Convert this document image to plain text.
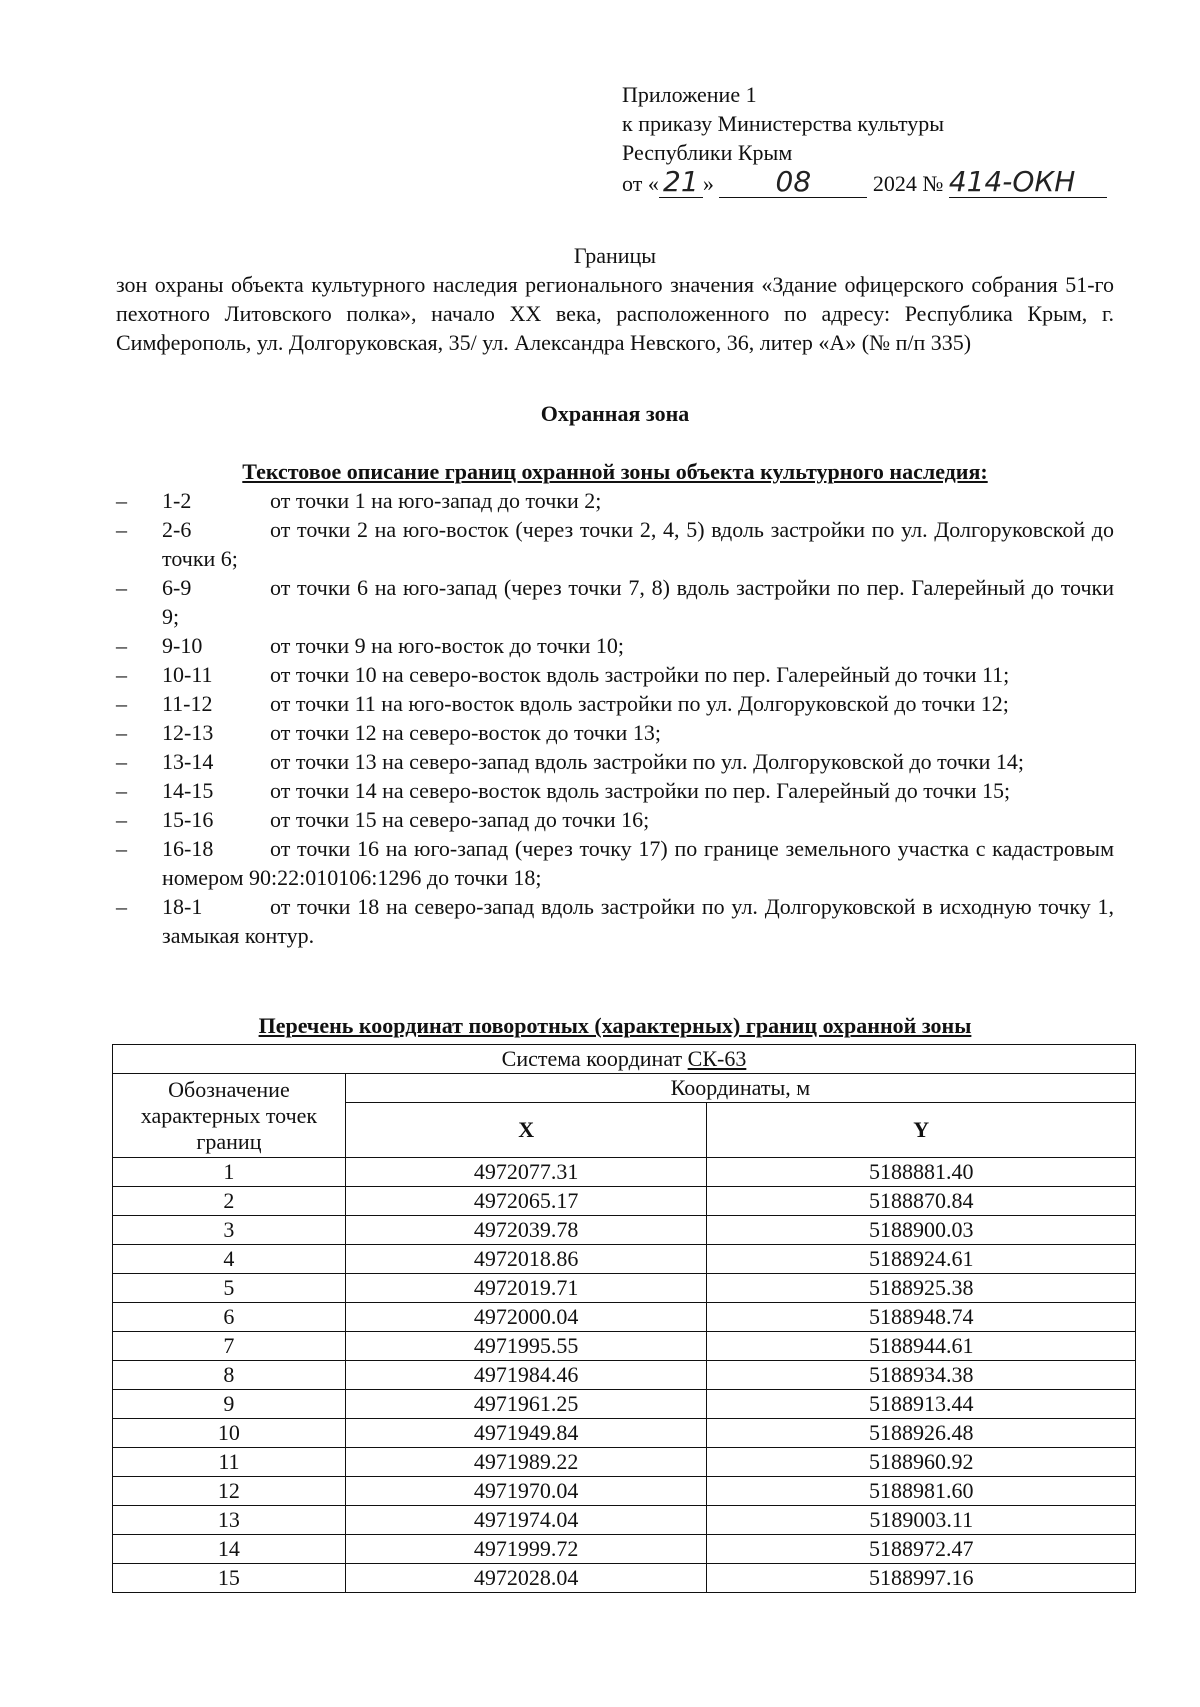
Приложение 1
к приказу Министерства культуры
Республики Крым
от « 21 » 08	2024 № 414-ОКН
Границы

зон охраны объекта культурного наследия регионального значения «Здание офицерского собрания 51-го пехотного Литовского полка», начало XX века, расположенного по адресу: Республика Крым, г. Симферополь, ул. Долгоруковская, 35/ ул. Александра Невского, 36, литер «А» (№ п/п 335)

Охранная зона
Текстовое описание границ охранной зоны объекта культурного наследия:
– 1-2	от точки 1 на юго-запад до точки 2;
– 2-6	от точки 2 на юго-восток (через точки 2, 4, 5) вдоль застройки по ул. Долгоруковской до точки 6;
– 6-9	от точки 6 на юго-запад (через точки 7, 8) вдоль застройки по пер. Галерейный до точки 9;
– 9-10	от точки 9 на юго-восток до точки 10;
– 10-11	от точки 10 на северо-восток вдоль застройки по пер. Галерейный до точки 11;
– 11-12	от точки 11 на юго-восток вдоль застройки по ул. Долгоруковской до точки 12;
– 12-13	от точки 12 на северо-восток до точки 13;
– 13-14	от точки 13 на северо-запад вдоль застройки по ул. Долгоруковской до точки 14;
– 14-15	от точки 14 на северо-восток вдоль застройки по пер. Галерейный до точки 15;
– 15-16	от точки 15 на северо-запад до точки 16;
– 16-18	от точки 16 на юго-запад (через точку 17) по границе земельного участка с кадастровым номером 90:22:010106:1296 до точки 18;
– 18-1	от точки 18 на северо-запад вдоль застройки по ул. Долгоруковской в исходную точку 1, замыкая контур.
Перечень координат поворотных (характерных) границ охранной зоны
Система координат СК-63		
Обозначение характерных точек границ	Координаты, м	
	X	Y
1	4972077.31	5188881.40
2	4972065.17	5188870.84
3	4972039.78	5188900.03
4	4972018.86	5188924.61
5	4972019.71	5188925.38
6	4972000.04	5188948.74
7	4971995.55	5188944.61
8	4971984.46	5188934.38
9	4971961.25	5188913.44
10	4971949.84	5188926.48
11	4971989.22	5188960.92
12	4971970.04	5188981.60
13	4971974.04	5189003.11
14	4971999.72	5188972.47
15	4972028.04	5188997.16
